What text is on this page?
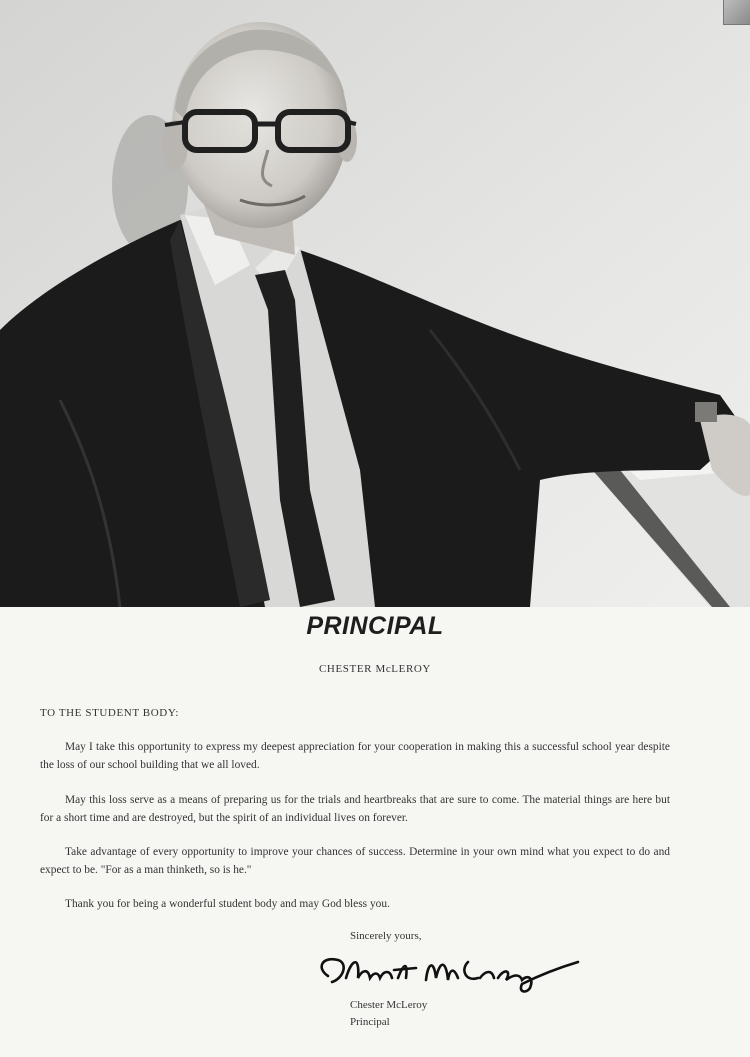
PRINCIPAL
CHESTER McLEROY
TO THE STUDENT BODY:

May I take this opportunity to express my deepest appreciation for your cooperation in making this a successful school year despite the loss of our school building that we all loved.

May this loss serve as a means of preparing us for the trials and heartbreaks that are sure to come. The material things are here but for a short time and are destroyed, but the spirit of an individual lives on forever.

Take advantage of every opportunity to improve your chances of success. Determine in your own mind what you expect to do and expect to be. "For as a man thinketh, so is he."

Thank you for being a wonderful student body and may God bless you.

Sincerely yours,
Chester McLeroy
Principal
